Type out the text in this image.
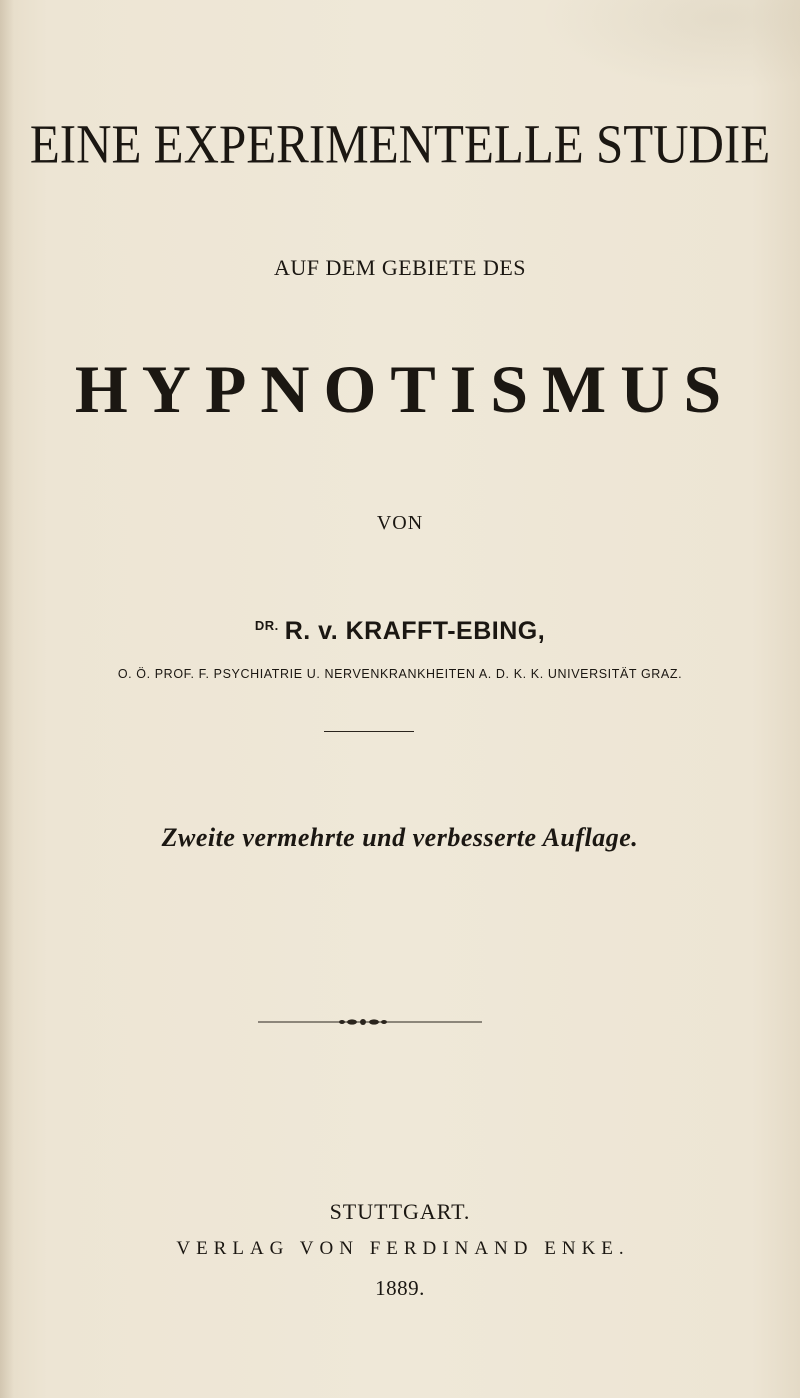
EINE EXPERIMENTELLE STUDIE
AUF DEM GEBIETE DES
HYPNOTISMUS
VON
$^{DR.}$ R. v. KRAFFT-EBING,
O. Ö. PROF. F. PSYCHIATRIE U. NERVENKRANKHEITEN A. D. K. K. UNIVERSITÄT GRAZ.
Zweite vermehrte und verbesserte Auflage.
STUTTGART.
VERLAG VON FERDINAND ENKE.
1889.
